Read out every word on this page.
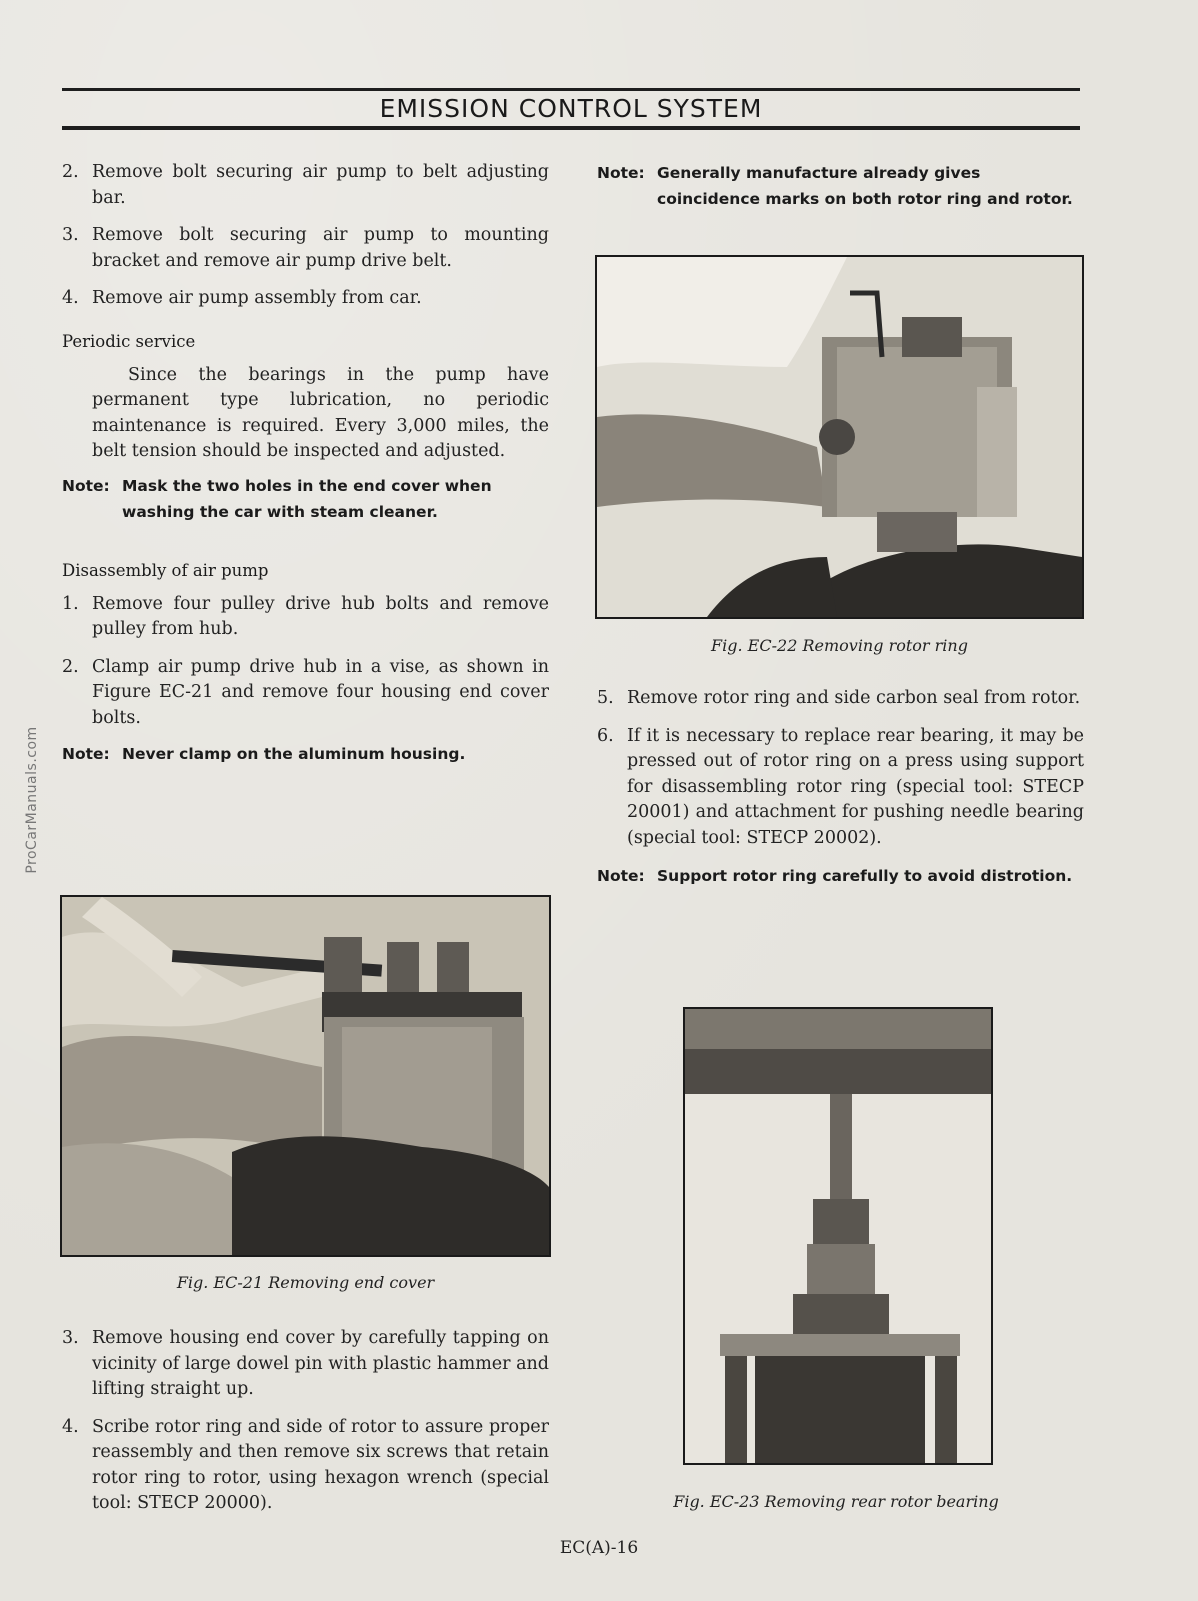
EMISSION CONTROL SYSTEM
ProCarManuals.com

2. Remove bolt securing air pump to belt adjusting bar.

3. Remove bolt securing air pump to mounting bracket and remove air pump drive belt.

4. Remove air pump assembly from car.

Periodic service

Since the bearings in the pump have permanent type lubrication, no periodic maintenance is required. Every 3,000 miles, the belt tension should be inspected and adjusted.

Note: Mask the two holes in the end cover when washing the car with steam cleaner.
Disassembly of air pump

1. Remove four pulley drive hub bolts and remove pulley from hub.

2. Clamp air pump drive hub in a vise, as shown in Figure EC-21 and remove four housing end cover bolts.

Note: Never clamp on the aluminum housing.
Fig. EC-21 Removing end cover

3. Remove housing end cover by carefully tapping on vicinity of large dowel pin with plastic hammer and lifting straight up.

4. Scribe rotor ring and side of rotor to assure proper reassembly and then remove six screws that retain rotor ring to rotor, using hexagon wrench (special tool: STECP 20000).

Note: Generally manufacture already gives coincidence marks on both rotor ring and rotor.
Fig. EC-22 Removing rotor ring

5. Remove rotor ring and side carbon seal from rotor.

6. If it is necessary to replace rear bearing, it may be pressed out of rotor ring on a press using support for disassembling rotor ring (special tool: STECP 20001) and attachment for pushing needle bearing (special tool: STECP 20002).

Note: Support rotor ring carefully to avoid distrotion.
Fig. EC-23 Removing rear rotor bearing
EC(A)-16
